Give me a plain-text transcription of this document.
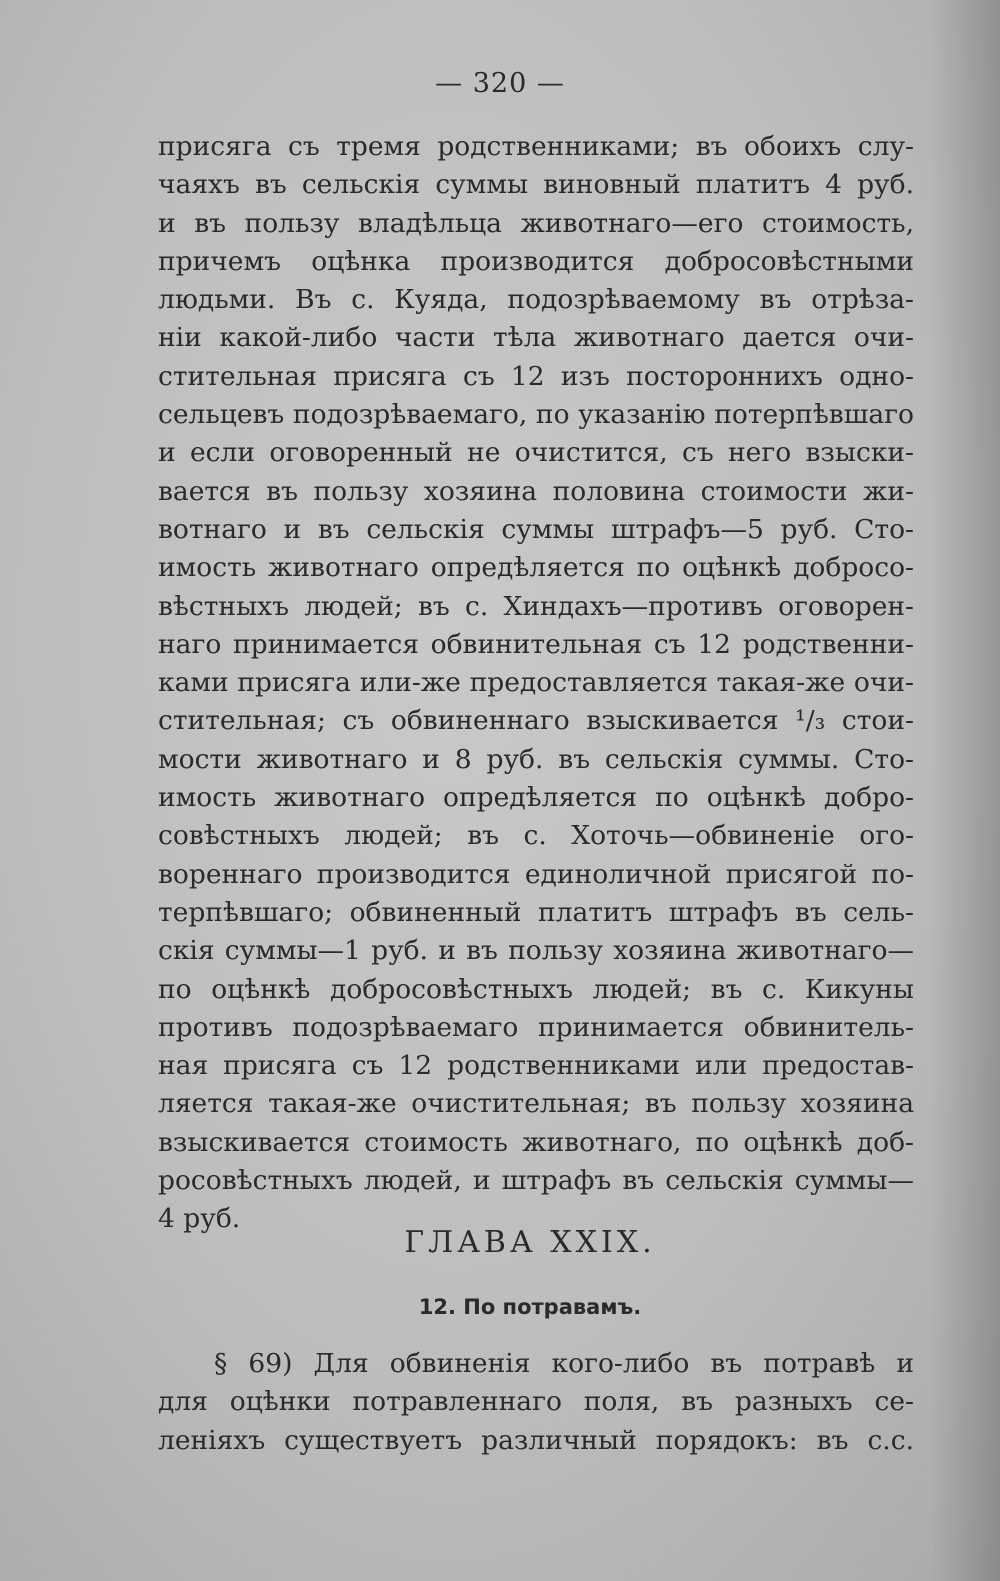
— 320 —
присяга съ тремя родственниками; въ обоихъ слу-
чаяхъ въ сельскія суммы виновный платитъ 4 руб.
и въ пользу владѣльца животнаго—его стоимость,
причемъ оцѣнка производится добросовѣстными
людьми. Въ с. Куяда, подозрѣваемому въ отрѣза-
ніи какой-либо части тѣла животнаго дается очи-
стительная присяга съ 12 изъ постороннихъ одно-
сельцевъ подозрѣваемаго, по указанію потерпѣвшаго
и если оговоренный не очистится, съ него взыски-
вается въ пользу хозяина половина стоимости жи-
вотнаго и въ сельскія суммы штрафъ—5 руб. Сто-
имость животнаго опредѣляется по оцѣнкѣ добросо-
вѣстныхъ людей; въ с. Хиндахъ—противъ оговорен-
наго принимается обвинительная съ 12 родственни-
ками присяга или-же предоставляется такая-же очи-
стительная; съ обвиненнаго взыскивается ¹/₃ стои-
мости животнаго и 8 руб. въ сельскія суммы. Сто-
имость животнаго опредѣляется по оцѣнкѣ добро-
совѣстныхъ людей; въ с. Хоточь—обвиненіе ого-
вореннаго производится единоличной присягой по-
терпѣвшаго; обвиненный платитъ штрафъ въ сель-
скія суммы—1 руб. и въ пользу хозяина животнаго—
по оцѣнкѣ добросовѣстныхъ людей; въ с. Кикуны
противъ подозрѣваемаго принимается обвинитель-
ная присяга съ 12 родственниками или предостав-
ляется такая-же очистительная; въ пользу хозяина
взыскивается стоимость животнаго, по оцѣнкѣ доб-
росовѣстныхъ людей, и штрафъ въ сельскія суммы—
4 руб.
ГЛАВА XXIX.
12. По потравамъ.
§ 69) Для обвиненія кого-либо въ потравѣ и
для оцѣнки потравленнаго поля, въ разныхъ се-
леніяхъ существуетъ различный порядокъ: въ с.с.
